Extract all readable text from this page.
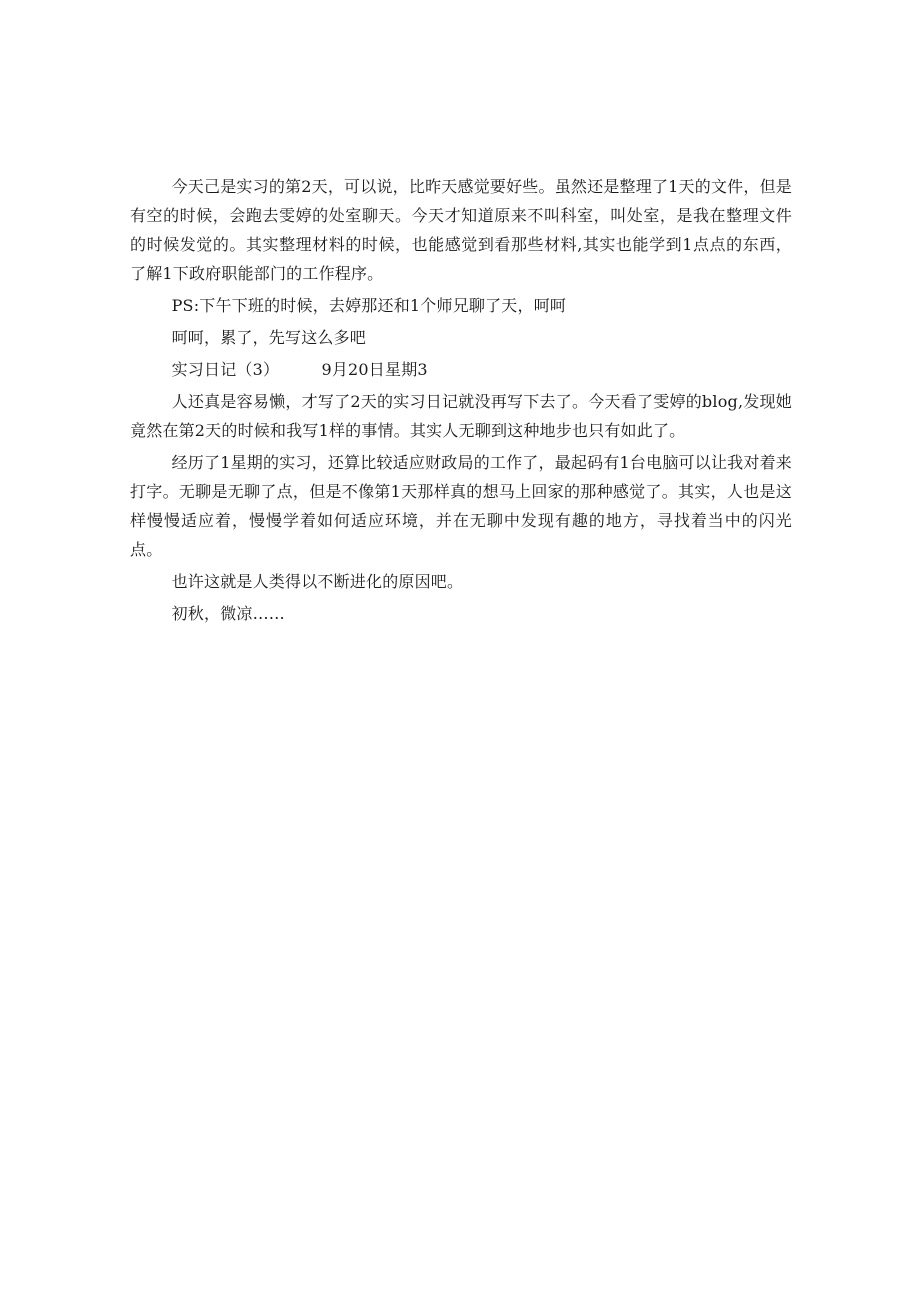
今天己是实习的第2天，可以说，比昨天感觉要好些。虽然还是整理了1天的文件，但是有空的时候，会跑去雯婷的处室聊天。今天才知道原来不叫科室，叫处室，是我在整理文件的时候发觉的。其实整理材料的时候，也能感觉到看那些材料,其实也能学到1点点的东西，了解1下政府职能部门的工作程序。

PS:下午下班的时候，去婷那还和1个师兄聊了天，呵呵

呵呵，累了，先写这么多吧

实习日记（3）        9月20日星期3

人还真是容易懒，才写了2天的实习日记就没再写下去了。今天看了雯婷的blog,发现她竟然在第2天的时候和我写1样的事情。其实人无聊到这种地步也只有如此了。

经历了1星期的实习，还算比较适应财政局的工作了，最起码有1台电脑可以让我对着来打字。无聊是无聊了点，但是不像第1天那样真的想马上回家的那种感觉了。其实，人也是这样慢慢适应着，慢慢学着如何适应环境，并在无聊中发现有趣的地方，寻找着当中的闪光点。

也许这就是人类得以不断进化的原因吧。

初秋，微凉……
